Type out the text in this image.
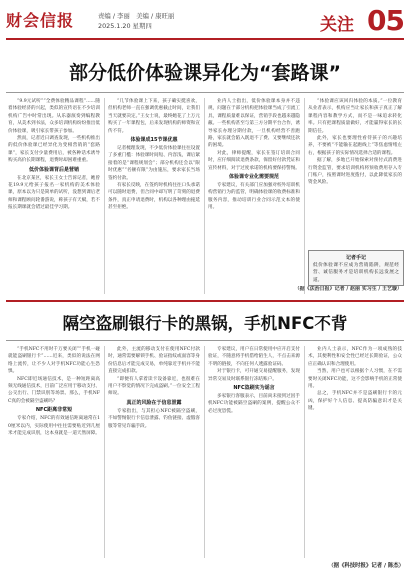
财会信报	责编 / 李丽　美编 / 康旺丽
2025.1.20 星期四	关注 05
部分低价体验课异化为“套路课”

“9.9元试听”“全费体验精品课程”……随着体验经济的兴起，类似的宣传语在不少培训机构广告中时常出现。从乐器演奏到编程教育，从美术到书法，众多培训机构纷纷推出低价体验课，吸引家长带孩子参加。

然而，记者近日调查发现，一些机构推出的低价体验课已经异化为变相营销的“套路课”，家长支付少量费用后，被各种话术诱导购买高价长期课程，退费时却困难重重。

低价体验课背后是营销

在北京某区，家长王女士告诉记者，她曾花19.9元给孩子报名一家机构的美术体验课，原本以为只是简单的试听，没想到课后老师和课程顾问轮番游说，称孩子有天赋，若不报长期课就会错过最佳学习期。

“几节体验课上下来，孩子确实挺喜欢，但机构老师一直在强调优惠截止时间，让我们当天就要决定。”王女士说，最终她花了上万元购买了一年课程包，后来发现机构的师资和宣传不符。

体验课成15节课优惠

记者梳理发现，不少低价体验课往往设置了多重门槛：体验课时间短、内容浅，课后紧接着的是“课程规划会”；部分机构还会以“限时优惠”“名额有限”为由施压，要求家长当场签约付款。

有家长反映，在签约时机构往往口头承诺可以随时退费，但合同中却写明了苛刻的退费条件，真正申请退费时，机构以各种理由拖延甚至拒绝。

业内人士指出，低价体验课本身并不违规，问题在于部分机构把体验课当成了引流工具，课程质量难以保证，营销手段也越来越隐蔽。一些机构甚至与第三方分期平台合作，诱导家长办理分期付款，一旦机构经营不善跑路，家长就会陷入既退不了费、又要继续还款的困境。

对此，律师提醒，家长在签订培训合同时，应仔细阅读退费条款，保留好付款凭证和宣传材料，对于过度承诺的机构要保持警惕。

体验课专业化需要规范

专家建议，有关部门应加强对校外培训机构营销行为的监管，明确体验课的收费标准和服务内容，推动培训行业合同示范文本的使用。

“体验课应该回归体验的本质。”一位教育从业者表示，机构应当让家长和孩子真正了解课程内容和教学方式，而不是一味追求转化率。只有把课程质量做好，才能赢得家长的长期信任。

此外，家长也要理性看待孩子的兴趣培养，不要被“不能输在起跑线上”等焦虑情绪左右，根据孩子的实际情况选择合适的课程。

据了解，多地已开始探索对预付式消费进行资金监管，要求培训机构将预收费用存入专门账户，按照课时进度拨付，以此降低家长的资金风险。

记者手记
低价体验课不应成为营销陷阱，规范经营、诚信服务才是培训机构长远发展之道。

（据《法治日报》记者 / 赵丽 实习生 / 王艺璇）

隔空盗刷银行卡的黑锅，手机NFC不背

“手机NFC不用时千万要关闭”“手机一碰就能盗刷银行卡”……近来，类似的说法在网络上流传，让不少人对手机NFC功能心生恐惧。

NFC即近场通信技术，是一种短距离高频无线通信技术，目前广泛应用于移动支付、公交出行、门禁识别等场景。那么，手机NFC真的会被隔空盗刷吗？

NFC距离非常短

专家介绍，NFC的有效通信距离通常在10厘米以内，实际使用中往往需要贴近到几厘米才能完成识别，这本身就是一道天然屏障。

此外，主流的移动支付在使用NFC付款时，通常需要解锁手机、验证指纹或面容等身份信息后才能完成交易，单纯靠近手机并不能直接完成扣款。

“即便有人拿着读卡设备靠近，也很难在用户不察觉的情况下完成盗刷。”一位安全工程师说。

真正的风险在于信息泄露

专家指出，与其担心NFC被隔空盗刷，不如警惕银行卡信息泄露、钓鱼链接、虚假客服等常见诈骗手段。

专家建议，用户在日常使用中应开启支付验证，不随意将手机借给陌生人，不点击来源不明的链接，不向任何人透露验证码。

对于银行卡，可开通交易提醒服务，发现异常交易及时联系银行冻结账户。

NFC盗刷实为谣言

多家银行客服表示，目前尚未接到过因手机NFC功能被隔空盗刷的案例，提醒公众不必过度恐慌。

业内人士表示，NFC作为一项成熟的技术，其便利性和安全性已经过长期验证，公众应正确认识和合理使用。

当然，用户也可以根据个人习惯，在不需要时关闭NFC功能，这不会影响手机的正常使用。

总之，手机NFC并不是盗刷银行卡的元凶，保护好个人信息、提高防骗意识才是关键。

（据《科技时报》记者 / 陈杰）
